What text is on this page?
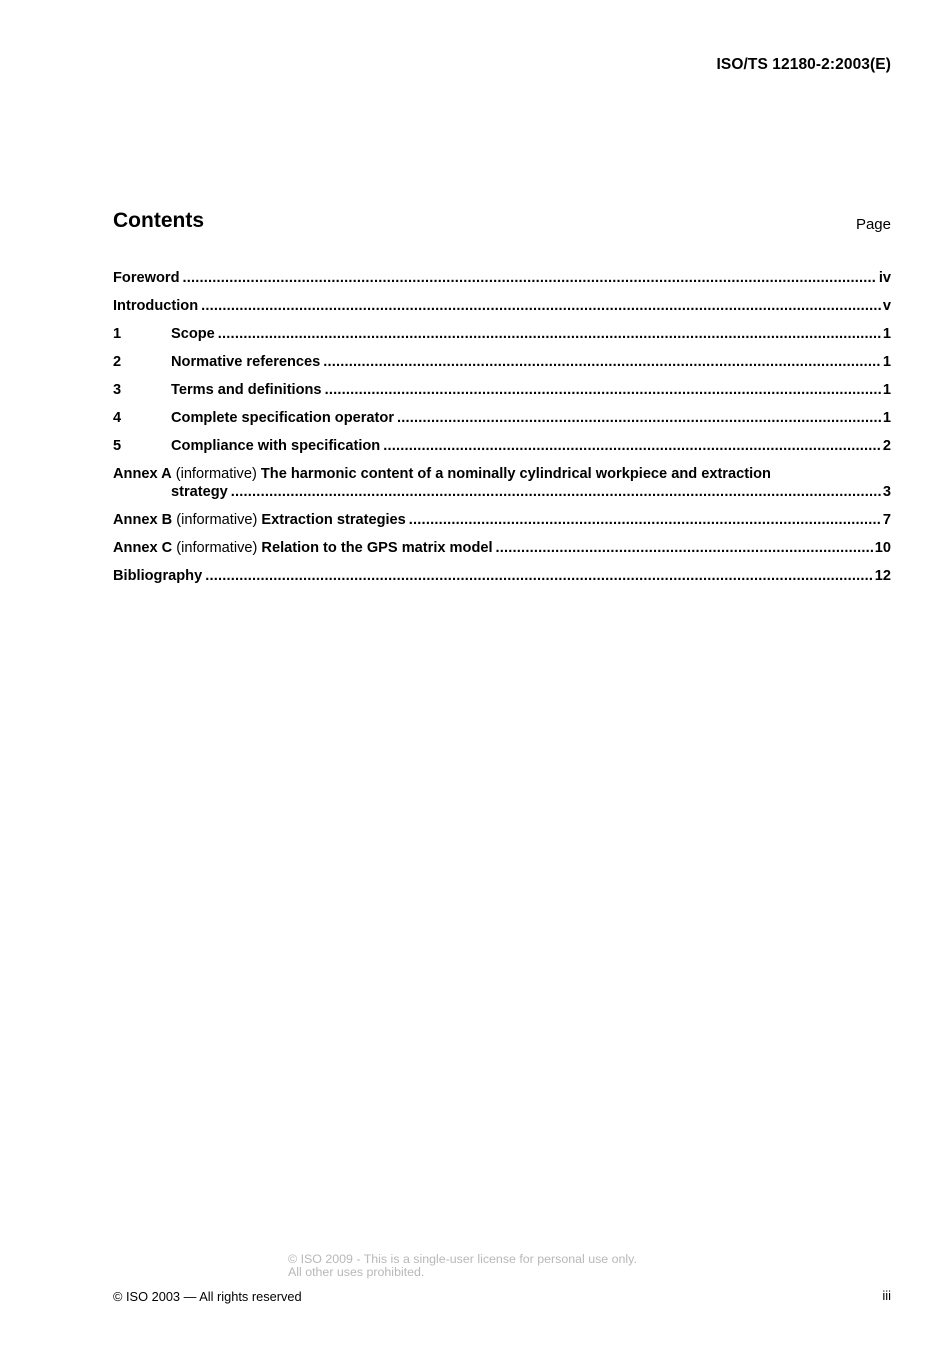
ISO/TS 12180-2:2003(E)
Contents	Page
Foreword .....	iv
Introduction .....	v
1	Scope .....	1
2	Normative references .....	1
3	Terms and definitions .....	1
4	Complete specification operator .....	1
5	Compliance with specification .....	2
Annex A (informative) The harmonic content of a nominally cylindrical workpiece and extraction
strategy .....	3
Annex B (informative) Extraction strategies .....	7
Annex C (informative) Relation to the GPS matrix model .....	10
Bibliography .....	12
© ISO 2009 - This is a single-user license for personal use only.
All other uses prohibited.
© ISO 2003 — All rights reserved	iii
